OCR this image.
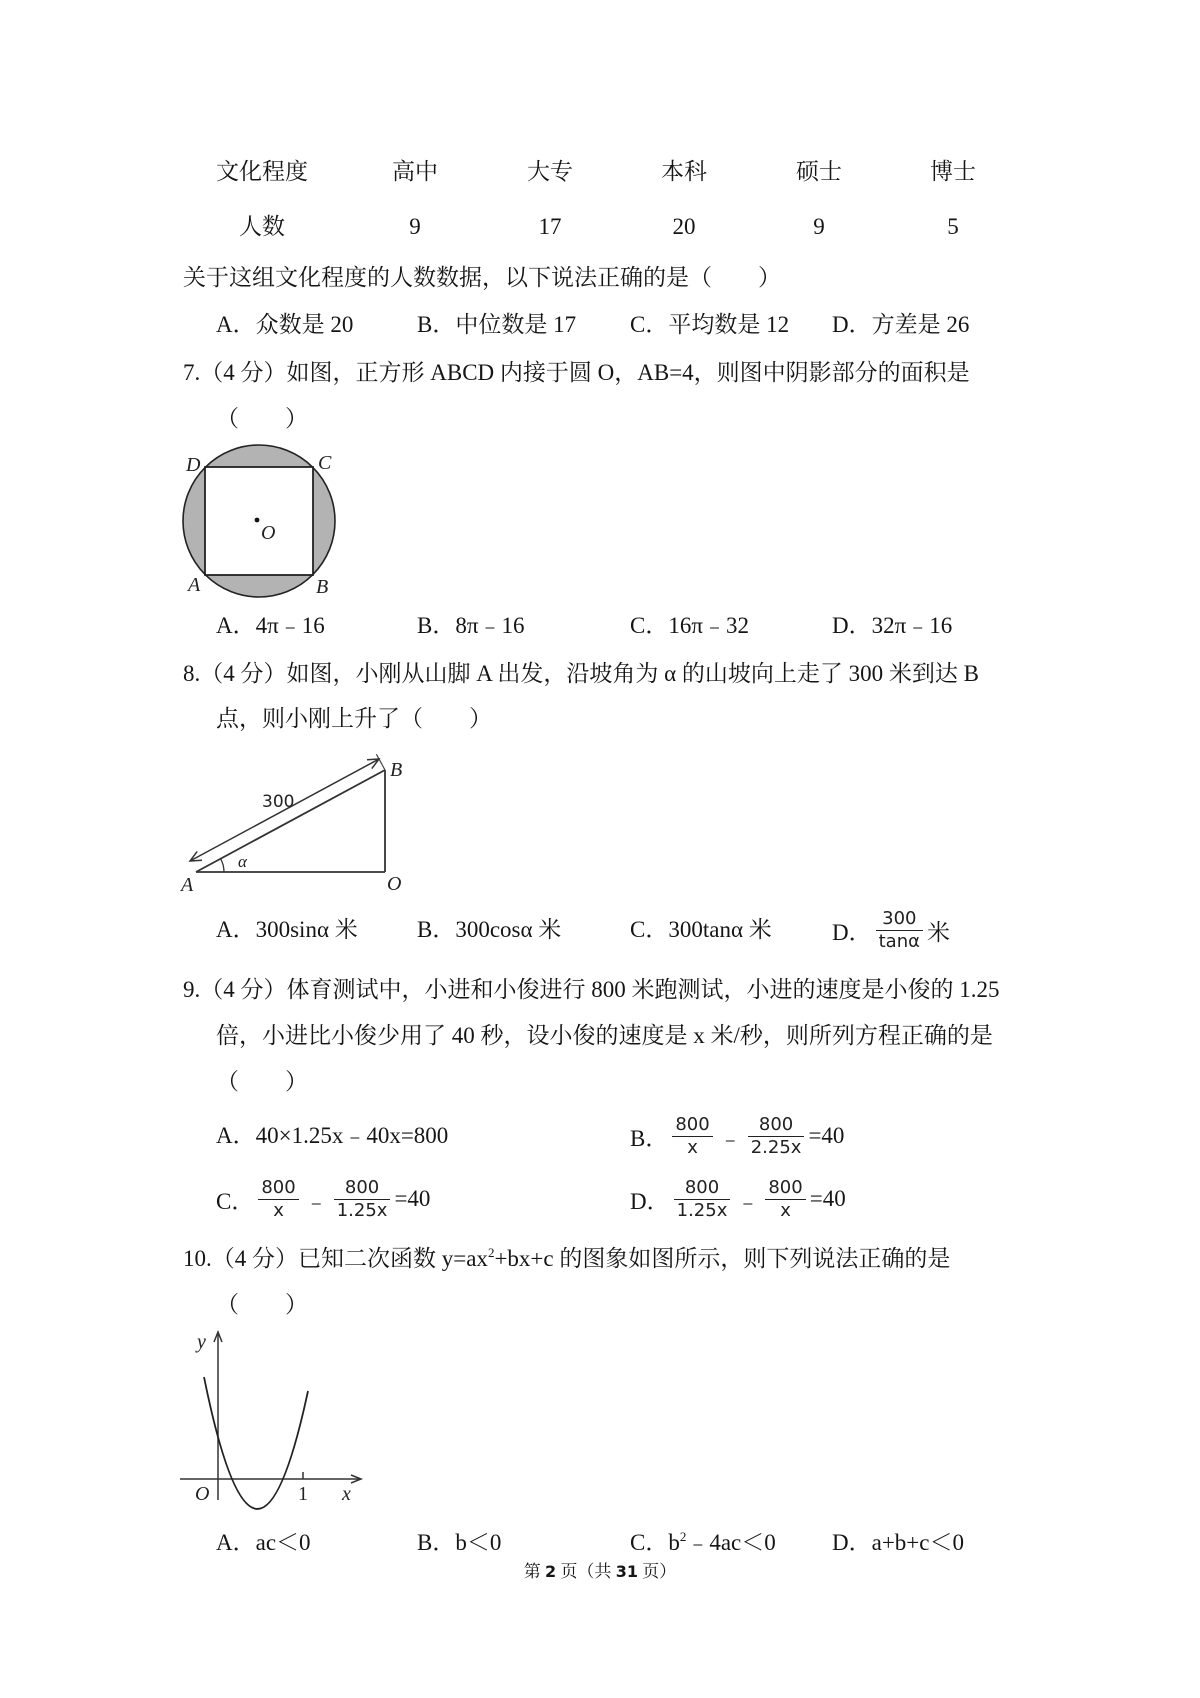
文化程度	高中	大专	本科	硕士	博士
人数	9	17	20	9	5
关于这组文化程度的人数数据，以下说法正确的是（　　）
A．众数是 20	B．中位数是 17 C．平均数是 12 D．方差是 26
7.（4 分）如图，正方形 ABCD 内接于圆 O，AB=4，则图中阴影部分的面积是
（　　）
D	C
A	B
O
A．4π﹣16	B．8π﹣16	C．16π﹣32	D．32π﹣16
8.（4 分）如图，小刚从山脚 A 出发，沿坡角为 α 的山坡向上走了 300 米到达 B
点，则小刚上升了（　　）
300
α
A	O
B
A．300sinα 米	B．300cosα 米	C．300tanα 米	D． $\frac{300}{\tan\alpha}$ 米
9.（4 分）体育测试中，小进和小俊进行 800 米跑测试，小进的速度是小俊的 1.25
倍，小进比小俊少用了 40 秒，设小俊的速度是 x 米/秒，则所列方程正确的是
（　　）
A．40×1.25x﹣40x=800	B． $\frac{800}{x}$ ﹣ $\frac{800}{2.25x} =40$
C． $\frac{800}{x}$ ﹣ $\frac{800}{1.25x} =40$	D． $\frac{800}{1.25x}$ ﹣ $\frac{800}{x} =40$
10.（4 分）已知二次函数 $y=ax^2+bx+c$ 的图象如图所示，则下列说法正确的是
（　　）
y
O	1 x
A．ac＜0	B．b＜0	C．$b^2﹣4ac<0$ D．a+b+c＜0
第 2 页（共 31 页）
